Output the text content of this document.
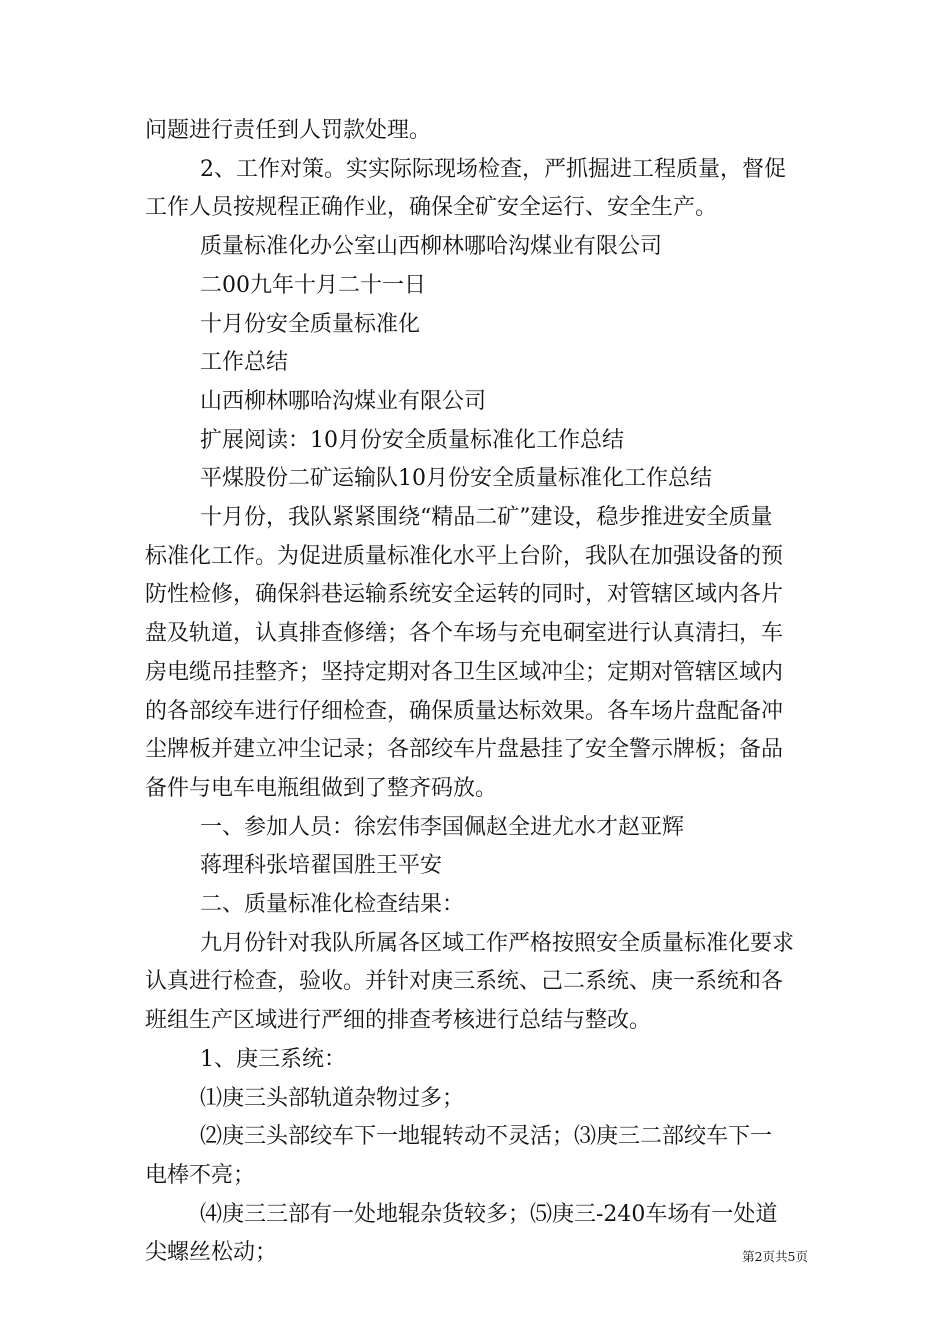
问题进行责任到人罚款处理。

2、工作对策。实实际际现场检查，严抓掘进工程质量，督促

工作人员按规程正确作业，确保全矿安全运行、安全生产。

质量标准化办公室山西柳林哪哈沟煤业有限公司

二00九年十月二十一日

十月份安全质量标准化

工作总结

山西柳林哪哈沟煤业有限公司

扩展阅读：10月份安全质量标准化工作总结

平煤股份二矿运输队10月份安全质量标准化工作总结

十月份，我队紧紧围绕“精品二矿”建设，稳步推进安全质量

标准化工作。为促进质量标准化水平上台阶，我队在加强设备的预

防性检修，确保斜巷运输系统安全运转的同时，对管辖区域内各片

盘及轨道，认真排查修缮；各个车场与充电硐室进行认真清扫，车

房电缆吊挂整齐；坚持定期对各卫生区域冲尘；定期对管辖区域内

的各部绞车进行仔细检查，确保质量达标效果。各车场片盘配备冲

尘牌板并建立冲尘记录；各部绞车片盘悬挂了安全警示牌板；备品

备件与电车电瓶组做到了整齐码放。

一、参加人员：徐宏伟李国佩赵全进尤水才赵亚辉

蒋理科张培翟国胜王平安

二、质量标准化检查结果：

九月份针对我队所属各区域工作严格按照安全质量标准化要求

认真进行检查，验收。并针对庚三系统、己二系统、庚一系统和各

班组生产区域进行严细的排查考核进行总结与整改。

1、庚三系统：

⑴庚三头部轨道杂物过多；

⑵庚三头部绞车下一地辊转动不灵活；⑶庚三二部绞车下一

电棒不亮；

⑷庚三三部有一处地辊杂货较多；⑸庚三-240车场有一处道

尖螺丝松动；	第2页共5页
